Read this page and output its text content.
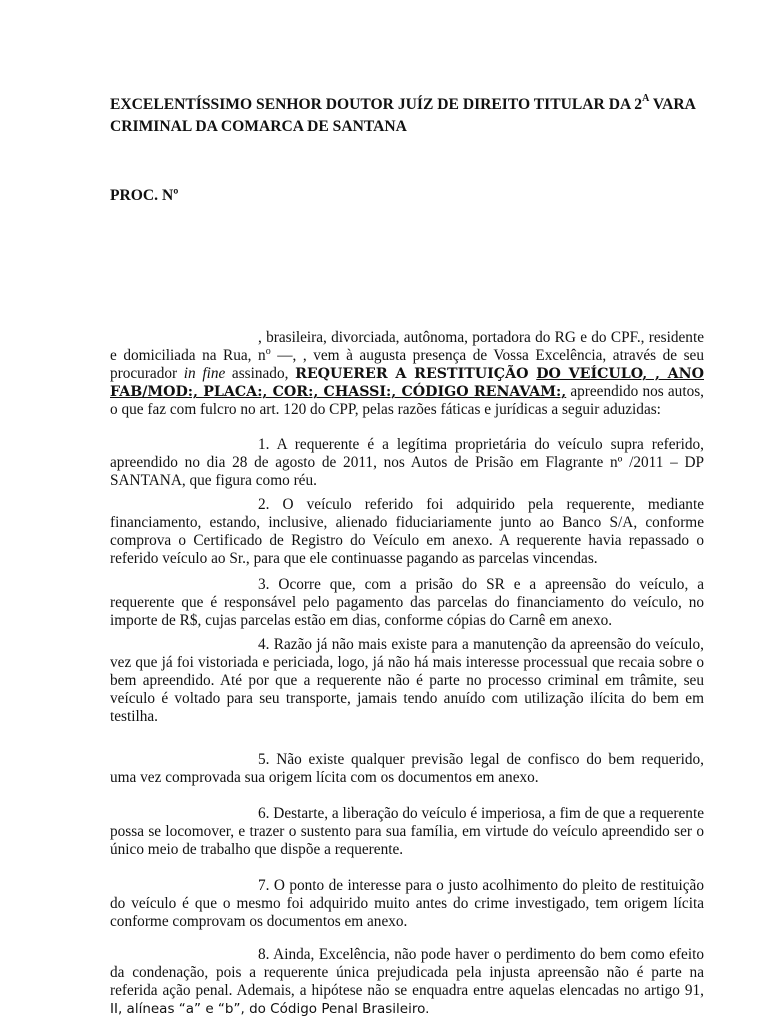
EXCELENTÍSSIMO SENHOR DOUTOR JUÍZ DE DIREITO TITULAR DA $2^A$ VARA
CRIMINAL DA COMARCA DE SANTANA

PROC. Nº

, brasileira, divorciada, autônoma, portadora do RG e do CPF., residente e domiciliada na Rua, $n^o$ —, , vem à augusta presença de Vossa Excelência, através de seu procurador in fine assinado, REQUERER A RESTITUIÇÃO DO VEÍCULO, , ANO FAB/MOD:, PLACA:, COR:, CHASSI:, CÓDIGO RENAVAM:, apreendido nos autos, o que faz com fulcro no art. 120 do CPP, pelas razões fáticas e jurídicas a seguir aduzidas:

1. A requerente é a legítima proprietária do veículo supra referido, apreendido no dia 28 de agosto de 2011, nos Autos de Prisão em Flagrante nº /2011 – DP SANTANA, que figura como réu.

2. O veículo referido foi adquirido pela requerente, mediante financiamento, estando, inclusive, alienado fiduciariamente junto ao Banco S/A, conforme comprova o Certificado de Registro do Veículo em anexo. A requerente havia repassado o referido veículo ao Sr., para que ele continuasse pagando as parcelas vincendas.

3. Ocorre que, com a prisão do SR e a apreensão do veículo, a requerente que é responsável pelo pagamento das parcelas do financiamento do veículo, no importe de R$, cujas parcelas estão em dias, conforme cópias do Carnê em anexo.

4. Razão já não mais existe para a manutenção da apreensão do veículo, vez que já foi vistoriada e periciada, logo, já não há mais interesse processual que recaia sobre o bem apreendido. Até por que a requerente não é parte no processo criminal em trâmite, seu veículo é voltado para seu transporte, jamais tendo anuído com utilização ilícita do bem em testilha.

5. Não existe qualquer previsão legal de confisco do bem requerido, uma vez comprovada sua origem lícita com os documentos em anexo.

6. Destarte, a liberação do veículo é imperiosa, a fim de que a requerente possa se locomover, e trazer o sustento para sua família, em virtude do veículo apreendido ser o único meio de trabalho que dispõe a requerente.

7. O ponto de interesse para o justo acolhimento do pleito de restituição do veículo é que o mesmo foi adquirido muito antes do crime investigado, tem origem lícita conforme comprovam os documentos em anexo.

8. Ainda, Excelência, não pode haver o perdimento do bem como efeito da condenação, pois a requerente única prejudicada pela injusta apreensão não é parte na referida ação penal. Ademais, a hipótese não se enquadra entre aquelas elencadas no artigo 91, II, alíneas “a” e “b”, do Código Penal Brasileiro.
